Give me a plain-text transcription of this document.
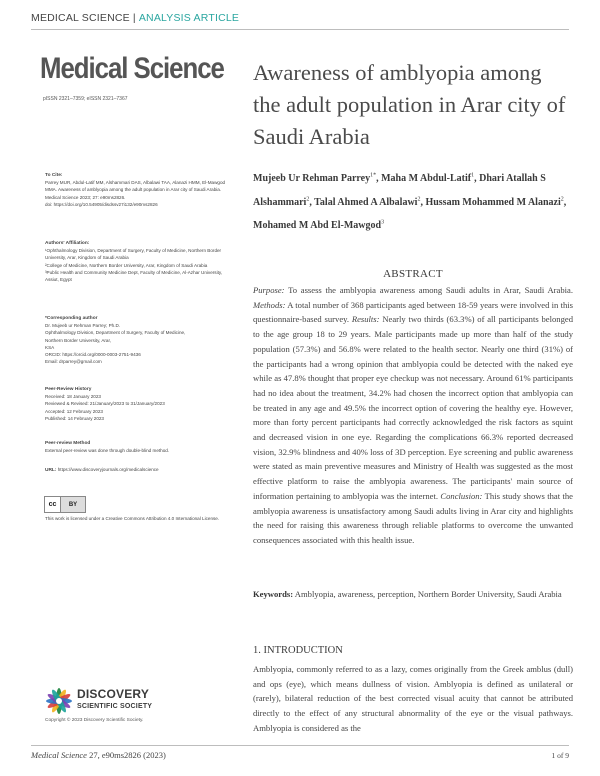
MEDICAL SCIENCE | ANALYSIS ARTICLE
Medical Science
pISSN 2321–7359; eISSN 2321–7367
Awareness of amblyopia among the adult population in Arar city of Saudi Arabia
Mujeeb Ur Rehman Parrey$^{1*}$, Maha M Abdul-Latif$^1$, Dhari Atallah S Alshammari$^2$, Talal Ahmed A Albalawi$^2$, Hussam Mohammed M Alanazi$^2$, Mohamed M Abd El-Mawgod$^3$

To Cite:

Parrey MUR, Abdul-Latif MM, Alshammari DAS, Albalawi TAA, Alanazi HMM, El-Mawgod MMA. Awareness of amblyopia among the adult population in Arar city of Saudi Arabia. Medical Science 2023; 27: e90ms2826.

doi: https://doi.org/10.54905/disdssv27i132/e90ms2826

Authors' Affiliation:

¹Ophthalmology Division, Department of Surgery, Faculty of Medicine, Northern Border University, Arar, Kingdom of Saudi Arabia

²College of Medicine, Northern Border University, Arar, Kingdom of Saudi Arabia

³Public Health and Community Medicine Dept, Faculty of Medicine, Al-Azhar University, Assiut, Egypt

*Corresponding author

Dr. Mujeeb ur Rehman Parrey; Ph.D.

Ophthalmology Division, Department of Surgery, Faculty of Medicine,

Northern Border University, Arar,

KSA

ORCID: https://orcid.org/0000-0003-2751-9436

Email: drparrey@gmail.com

Peer-Review History

Received: 18 January 2023

Reviewed & Revised: 21/January/2023 to 31/January/2023

Accepted: 12 February 2023

Published: 14 February 2023

Peer-review Method

External peer-review was done through double-blind method.

URL: https://www.discoveryjournals.org/medicalscience

cc	BY
This work is licensed under a Creative Commons Attribution 4.0 International License.
ABSTRACT
Purpose: To assess the amblyopia awareness among Saudi adults in Arar, Saudi Arabia. Methods: A total number of 368 participants aged between 18-59 years were involved in this questionnaire-based survey. Results: Nearly two thirds (63.3%) of all participants belonged to the age group 18 to 29 years. Male participants made up more than half of the study population (57.3%) and 56.8% were related to the health sector. Nearly one third (31%) of the participants had a wrong opinion that amblyopia could be detected with the naked eye while as 47.8% thought that proper eye checkup was not necessary. Around 61% participants had no idea about the treatment, 34.2% had chosen the incorrect option that amblyopia can be treated in any age and 49.5% the incorrect option of covering the healthy eye. However, more than forty percent participants had correctly acknowledged the risk factors as squint and decreased vision in one eye. Regarding the complications 66.3% reported decreased vision, 32.9% blindness and 40% loss of 3D perception. Eye screening and public awareness were stated as main preventive measures and Ministry of Health was suggested as the most effective platform to raise the amblyopia awareness. The participants' main source of information pertaining to amblyopia was the internet. Conclusion: This study shows that the amblyopia awareness is unsatisfactory among Saudi adults living in Arar city and highlights the need for raising this awareness through reliable platforms to overcome the unwanted consequences associated with this health issue.
Keywords: Amblyopia, awareness, perception, Northern Border University, Saudi Arabia
1. INTRODUCTION
Amblyopia, commonly referred to as a lazy, comes originally from the Greek amblus (dull) and ops (eye), which means dullness of vision. Amblyopia is defined as unilateral or (rarely), bilateral reduction of the best corrected visual acuity that cannot be attributed directly to the effect of any structural abnormality of the eye or the visual pathways. Amblyopia is considered as the
DISCOVERY
SCIENTIFIC SOCIETY
Copyright © 2023 Discovery Scientific Society.
Medical Science 27, e90ms2826 (2023)	1 of 9
